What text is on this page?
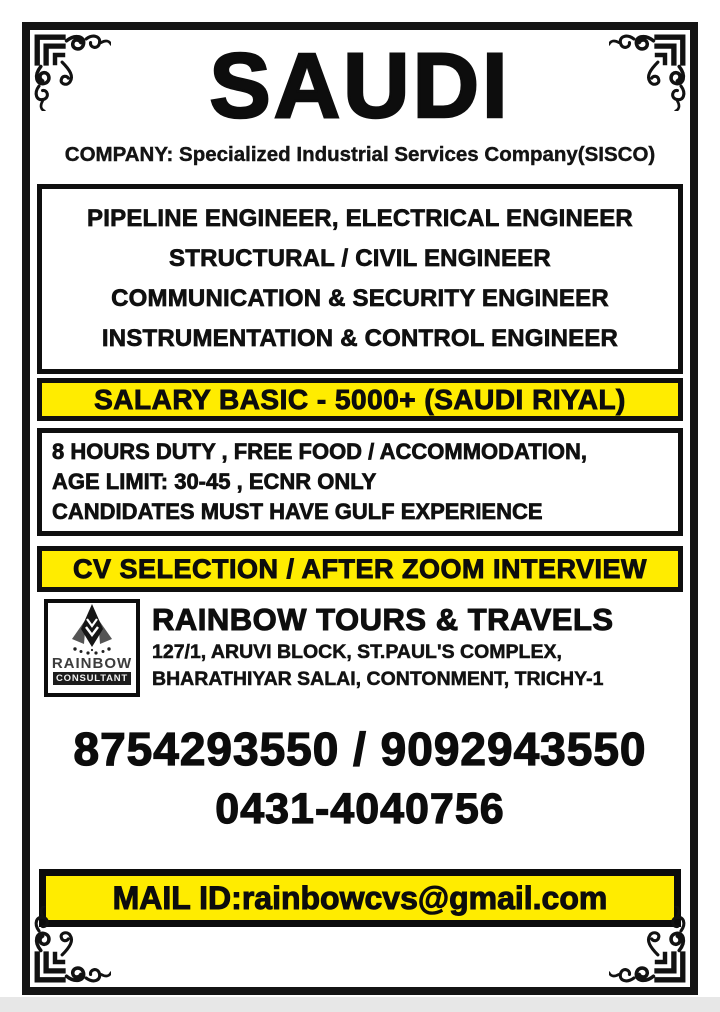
SAUDI
COMPANY: Specialized Industrial Services Company(SISCO)
PIPELINE ENGINEER, ELECTRICAL ENGINEER
STRUCTURAL / CIVIL ENGINEER
COMMUNICATION & SECURITY ENGINEER
INSTRUMENTATION & CONTROL ENGINEER
SALARY BASIC - 5000+ (SAUDI RIYAL)
8 HOURS DUTY , FREE FOOD / ACCOMMODATION,
AGE LIMIT: 30-45 , ECNR ONLY
CANDIDATES MUST HAVE GULF EXPERIENCE
CV SELECTION / AFTER ZOOM INTERVIEW
RAINBOW
CONSULTANT
RAINBOW TOURS & TRAVELS
127/1, ARUVI BLOCK, ST.PAUL'S COMPLEX,
BHARATHIYAR SALAI, CONTONMENT, TRICHY-1
8754293550 / 9092943550
0431-4040756
MAIL ID:rainbowcvs@gmail.com
